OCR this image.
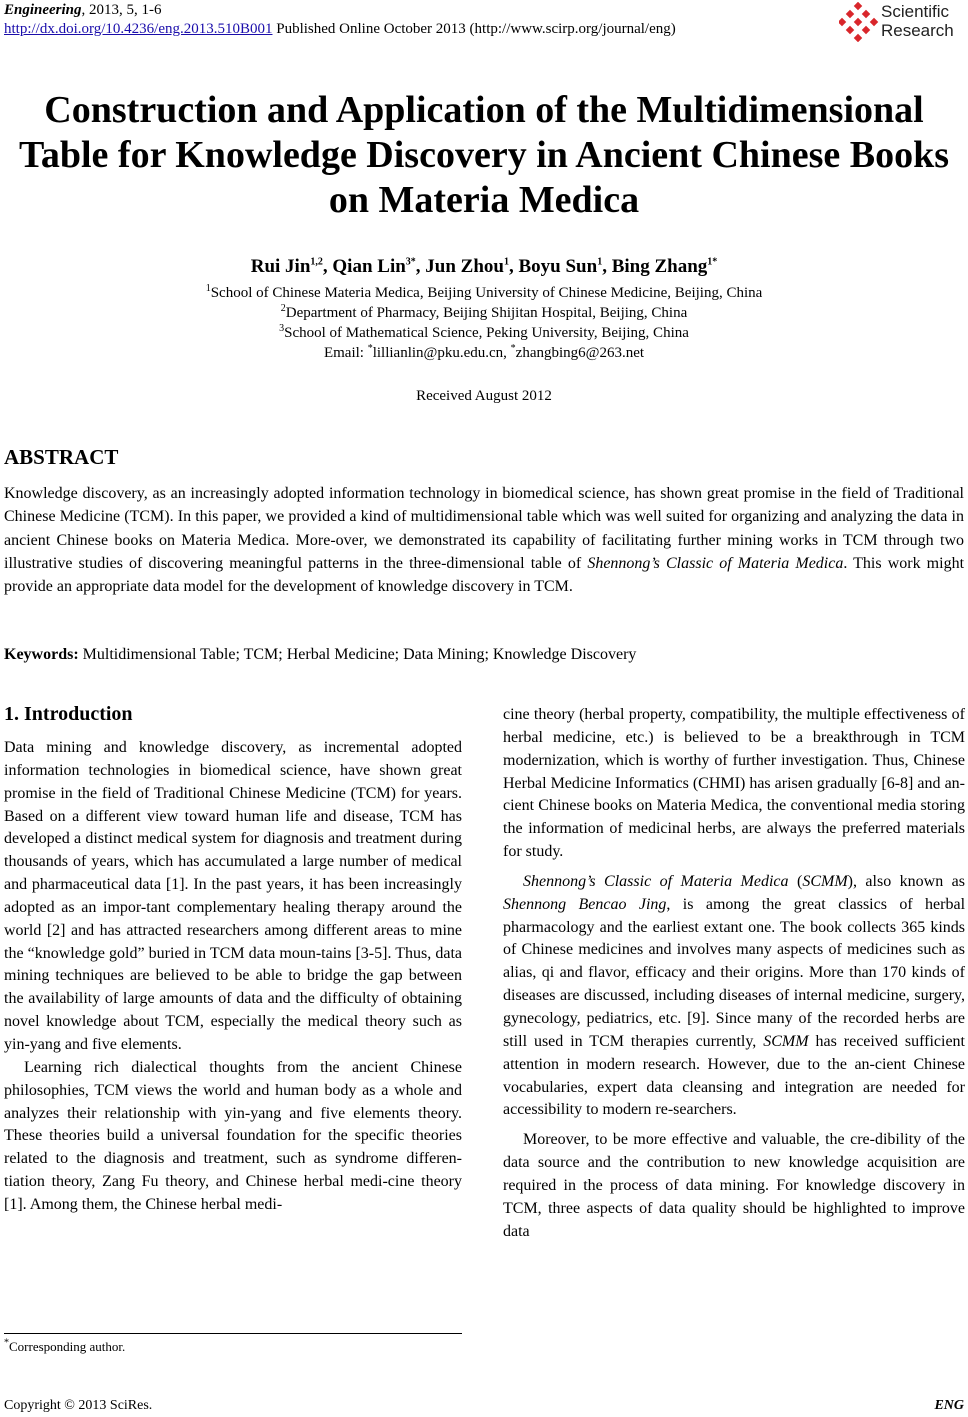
Engineering, 2013, 5, 1-6
http://dx.doi.org/10.4236/eng.2013.510B001 Published Online October 2013 (http://www.scirp.org/journal/eng)
Scientific
Research
Construction and Application of the Multidimensional Table for Knowledge Discovery in Ancient Chinese Books on Materia Medica
Rui Jin$^{1,2}$, Qian Lin$^{3*}$, Jun Zhou$^1$, Boyu Sun$^1$, Bing Zhang$^{1*}$
$^1$School of Chinese Materia Medica, Beijing University of Chinese Medicine, Beijing, China
$^2$Department of Pharmacy, Beijing Shijitan Hospital, Beijing, China
$^3$School of Mathematical Science, Peking University, Beijing, China
Email: *lillianlin@pku.edu.cn, *zhangbing6@263.net
Received August 2012
ABSTRACT
Knowledge discovery, as an increasingly adopted information technology in biomedical science, has shown great promise in the field of Traditional Chinese Medicine (TCM). In this paper, we provided a kind of multidimensional table which was well suited for organizing and analyzing the data in ancient Chinese books on Materia Medica. More-over, we demonstrated its capability of facilitating further mining works in TCM through two illustrative studies of discovering meaningful patterns in the three-dimensional table of Shennong’s Classic of Materia Medica. This work might provide an appropriate data model for the development of knowledge discovery in TCM.
Keywords: Multidimensional Table; TCM; Herbal Medicine; Data Mining; Knowledge Discovery
1. Introduction

Data mining and knowledge discovery, as incremental adopted information technologies in biomedical science, have shown great promise in the field of Traditional Chinese Medicine (TCM) for years. Based on a different view toward human life and disease, TCM has developed a distinct medical system for diagnosis and treatment during thousands of years, which has accumulated a large number of medical and pharmaceutical data [1]. In the past years, it has been increasingly adopted as an impor-tant complementary healing therapy around the world [2] and has attracted researchers among different areas to mine the “knowledge gold” buried in TCM data moun-tains [3-5]. Thus, data mining techniques are believed to be able to bridge the gap between the availability of large amounts of data and the difficulty of obtaining novel knowledge about TCM, especially the medical theory such as yin-yang and five elements.

Learning rich dialectical thoughts from the ancient Chinese philosophies, TCM views the world and human body as a whole and analyzes their relationship with yin-yang and five elements theory. These theories build a universal foundation for the specific theories related to the diagnosis and treatment, such as syndrome differen-tiation theory, Zang Fu theory, and Chinese herbal medi-cine theory [1]. Among them, the Chinese herbal medi-

cine theory (herbal property, compatibility, the multiple effectiveness of herbal medicine, etc.) is believed to be a breakthrough in TCM modernization, which is worthy of further investigation. Thus, Chinese Herbal Medicine Informatics (CHMI) has arisen gradually [6-8] and an-cient Chinese books on Materia Medica, the conventional media storing the information of medicinal herbs, are always the preferred materials for study.

Shennong’s Classic of Materia Medica (SCMM), also known as Shennong Bencao Jing, is among the great classics of herbal pharmacology and the earliest extant one. The book collects 365 kinds of Chinese medicines and involves many aspects of medicines such as alias, qi and flavor, efficacy and their origins. More than 170 kinds of diseases are discussed, including diseases of internal medicine, surgery, gynecology, pediatrics, etc. [9]. Since many of the recorded herbs are still used in TCM therapies currently, SCMM has received sufficient attention in modern research. However, due to the an-cient Chinese vocabularies, expert data cleansing and integration are needed for accessibility to modern re-searchers.

Moreover, to be more effective and valuable, the cre-dibility of the data source and the contribution to new knowledge acquisition are required in the process of data mining. For knowledge discovery in TCM, three aspects of data quality should be highlighted to improve data

*Corresponding author.
Copyright © 2013 SciRes.	ENG
